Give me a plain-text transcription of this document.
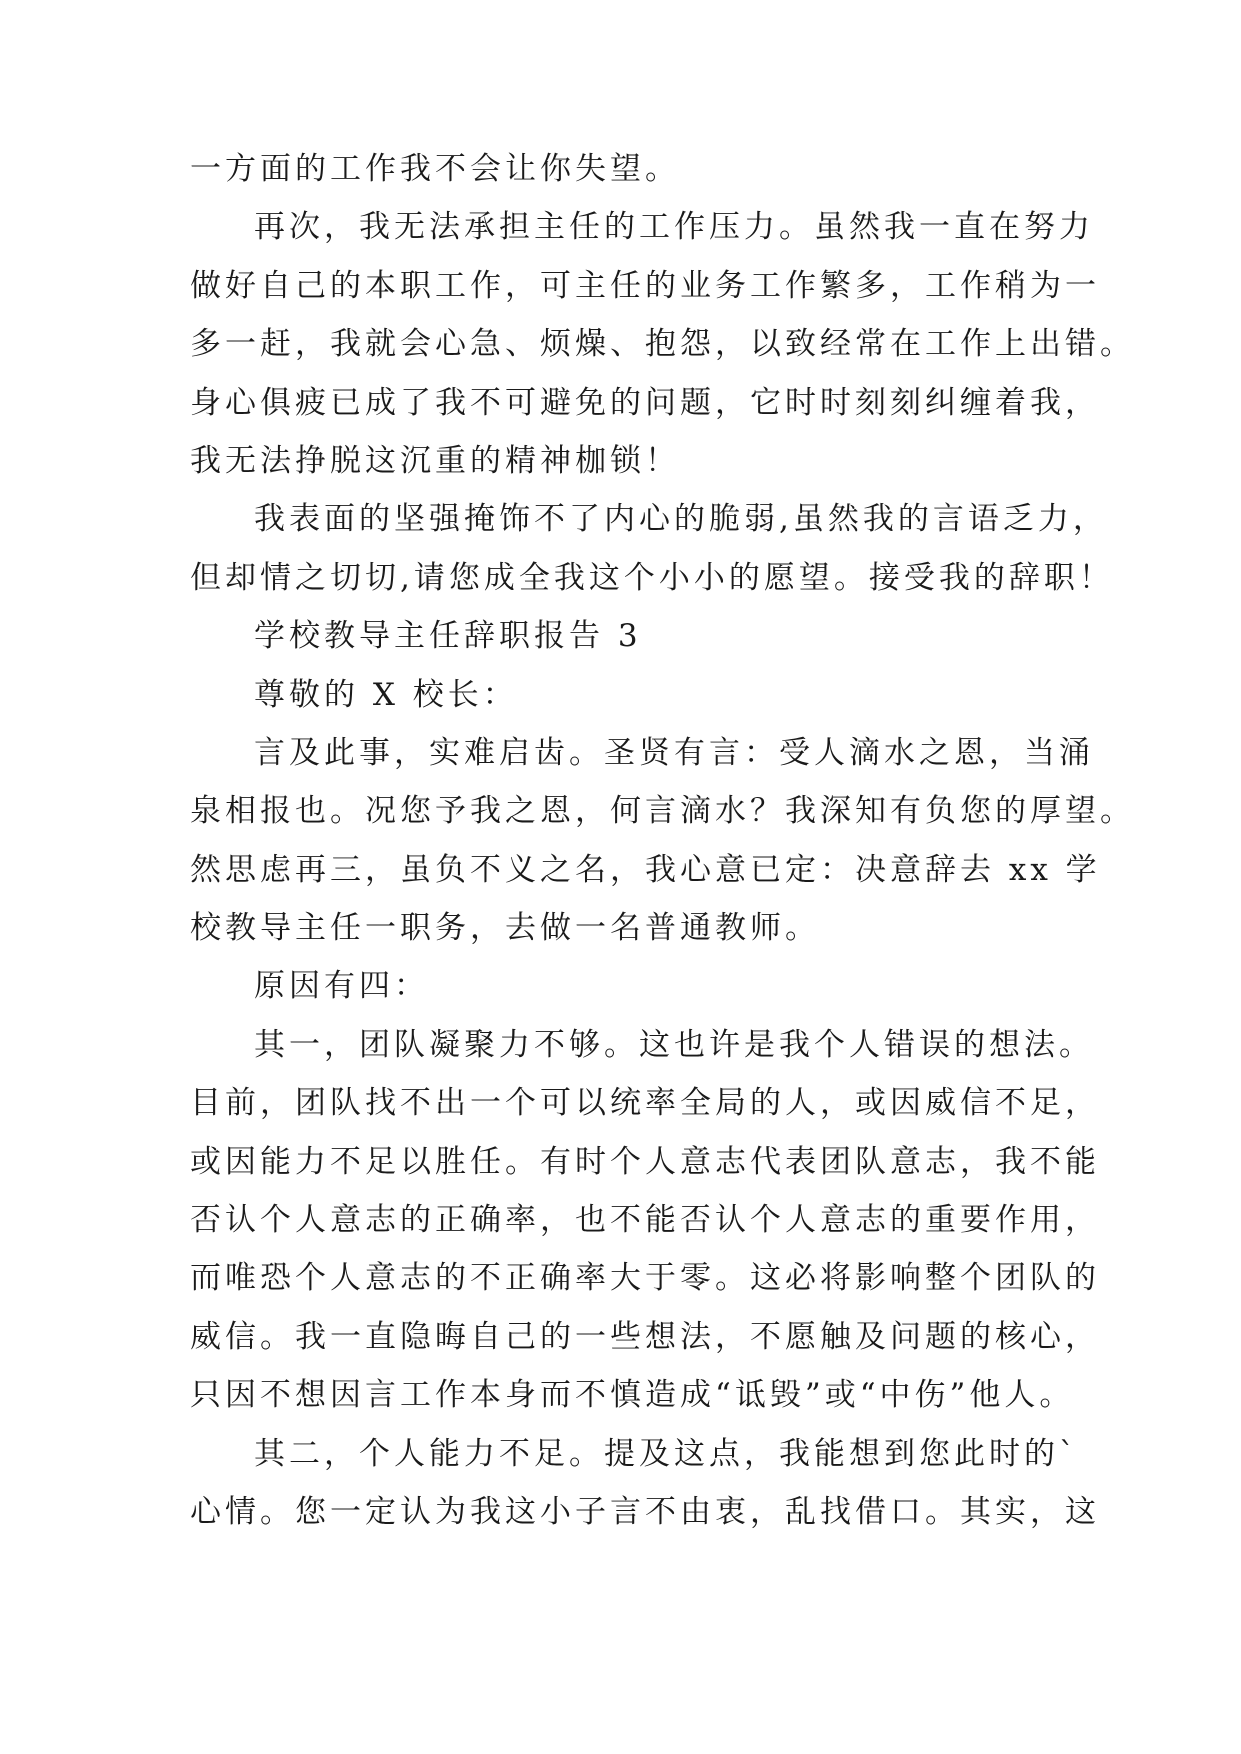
一方面的工作我不会让你失望。
再次，我无法承担主任的工作压力。虽然我一直在努力
做好自己的本职工作，可主任的业务工作繁多，工作稍为一
多一赶，我就会心急、烦燥、抱怨，以致经常在工作上出错。
身心俱疲已成了我不可避免的问题，它时时刻刻纠缠着我，
我无法挣脱这沉重的精神枷锁！
我表面的坚强掩饰不了内心的脆弱,虽然我的言语乏力，
但却情之切切,请您成全我这个小小的愿望。接受我的辞职！
学校教导主任辞职报告 3
尊敬的 X 校长：
言及此事，实难启齿。圣贤有言：受人滴水之恩，当涌
泉相报也。况您予我之恩，何言滴水？我深知有负您的厚望。
然思虑再三，虽负不义之名，我心意已定：决意辞去 xx 学
校教导主任一职务，去做一名普通教师。
原因有四：
其一，团队凝聚力不够。这也许是我个人错误的想法。
目前，团队找不出一个可以统率全局的人，或因威信不足，
或因能力不足以胜任。有时个人意志代表团队意志，我不能
否认个人意志的正确率，也不能否认个人意志的重要作用，
而唯恐个人意志的不正确率大于零。这必将影响整个团队的
威信。我一直隐晦自己的一些想法，不愿触及问题的核心，
只因不想因言工作本身而不慎造成“诋毁”或“中伤”他人。
其二，个人能力不足。提及这点，我能想到您此时的`
心情。您一定认为我这小子言不由衷，乱找借口。其实，这
